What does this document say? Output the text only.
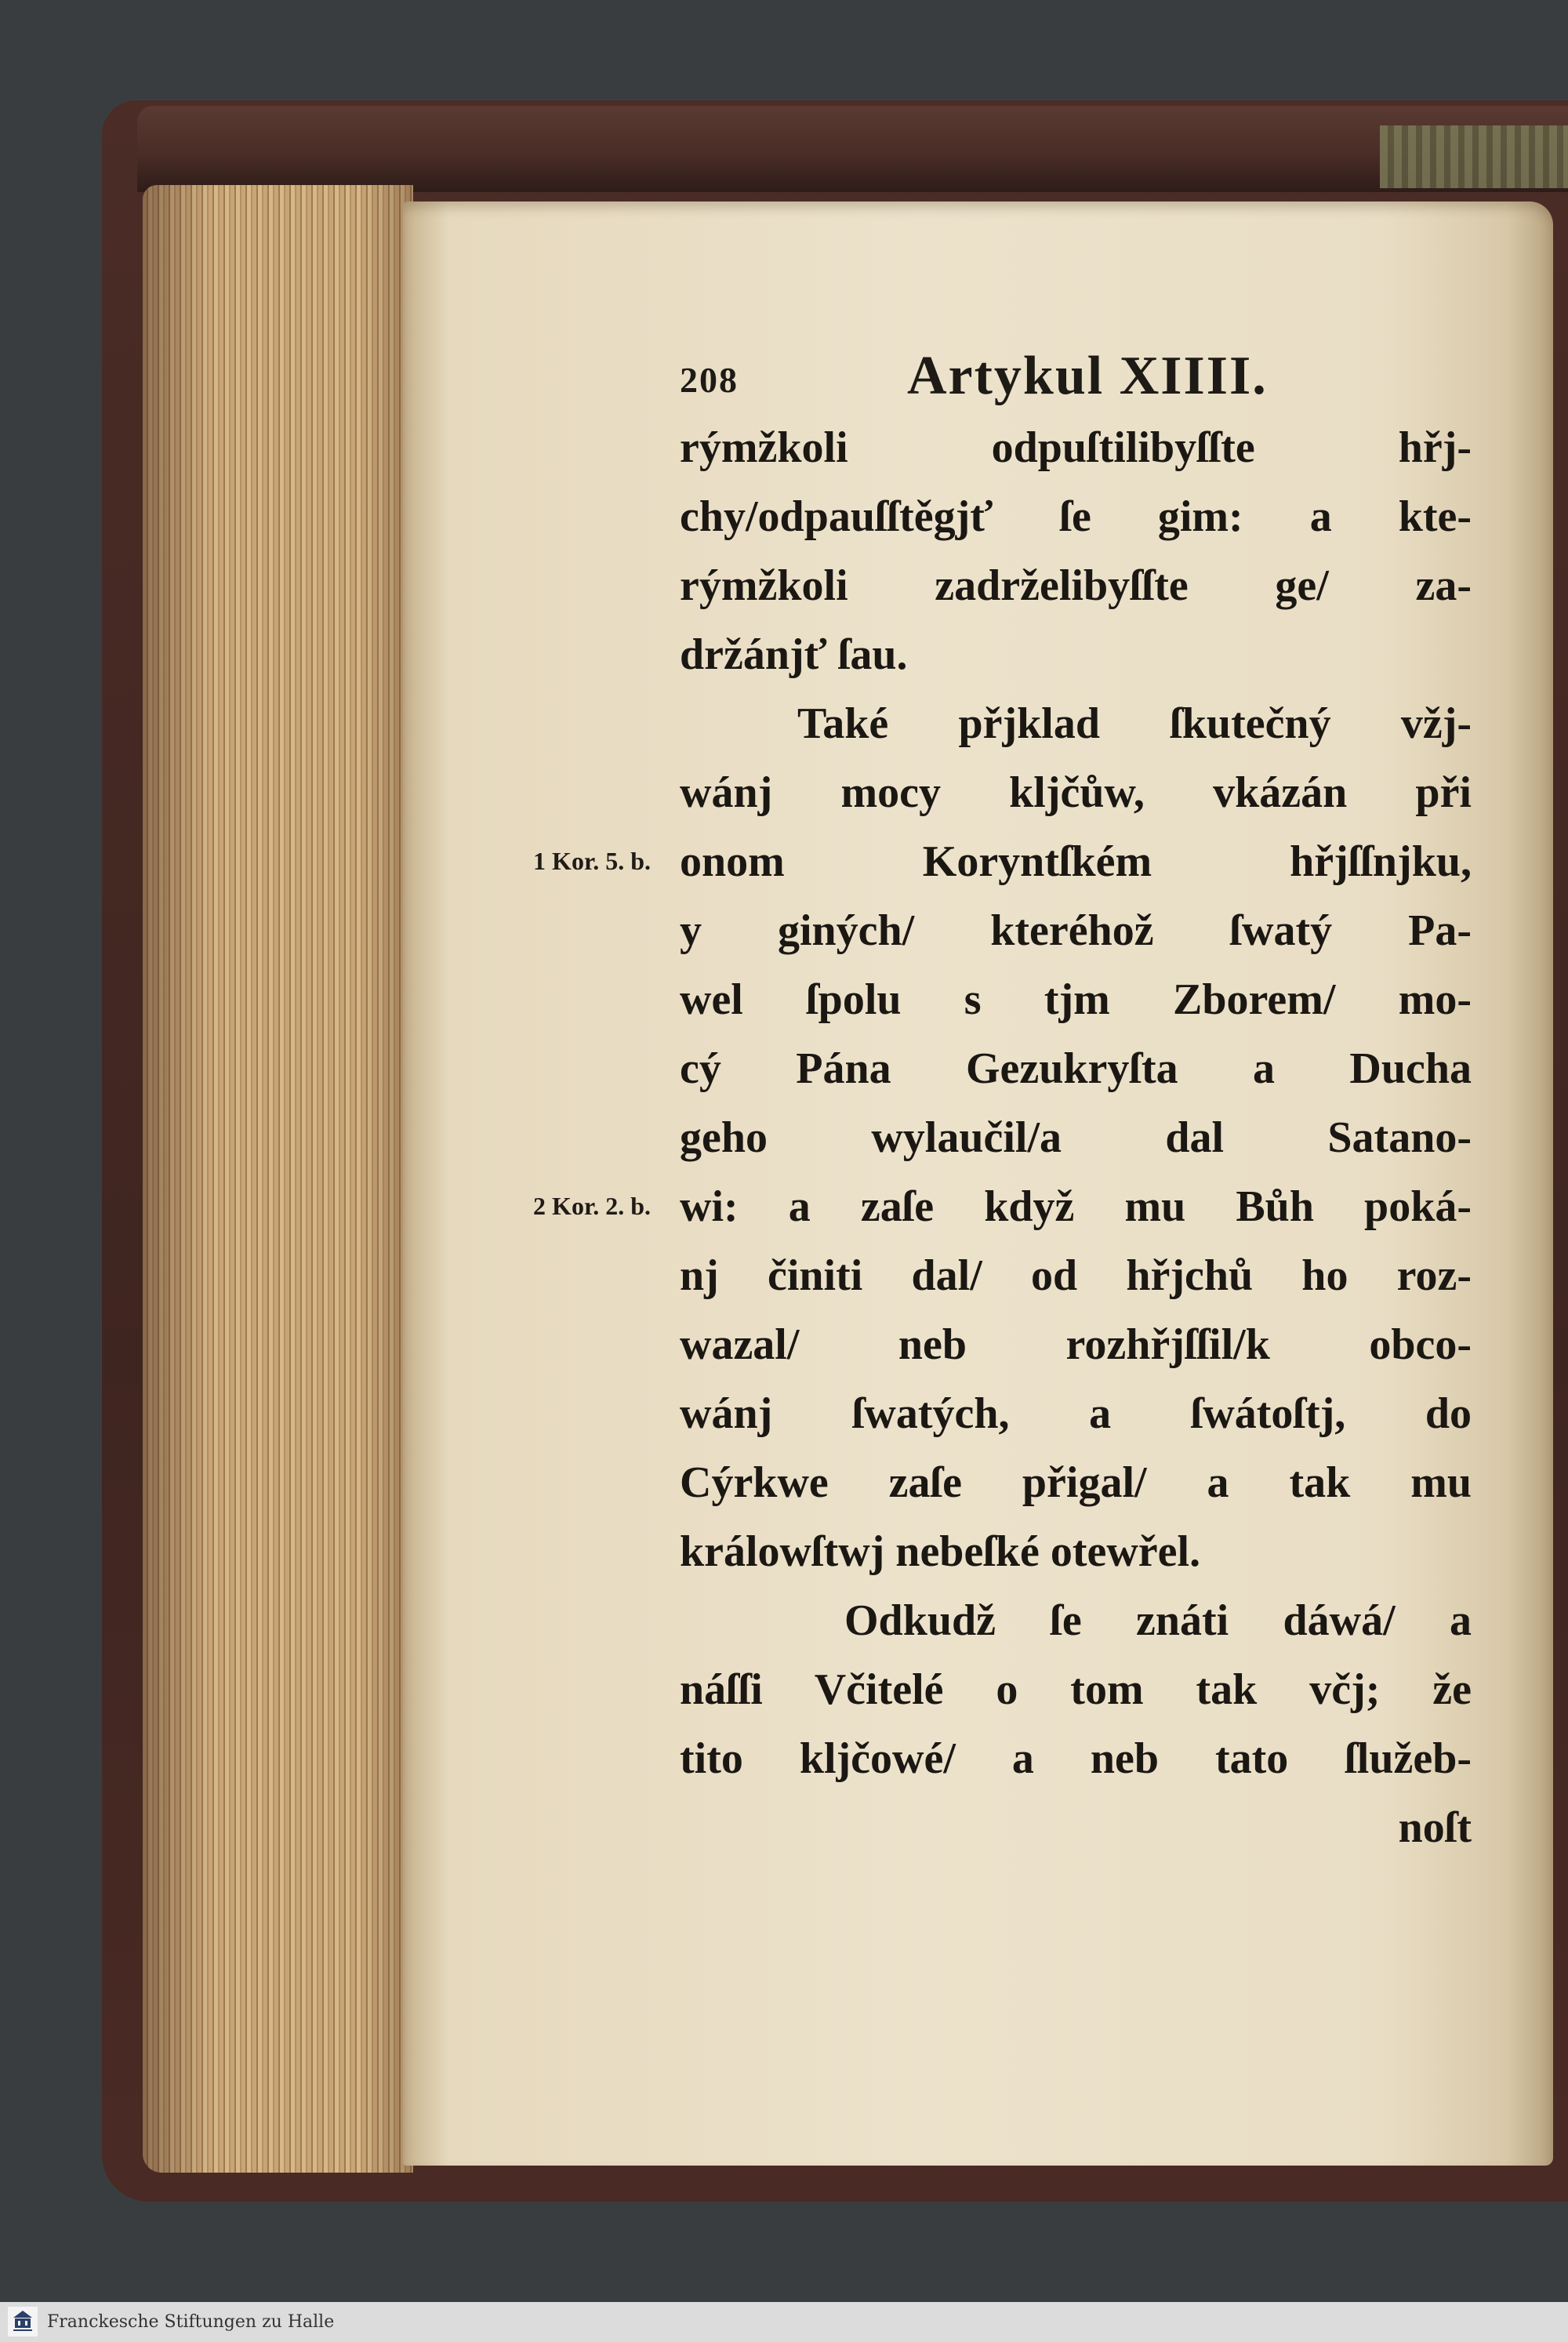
208	Artykul XIIII.
1 Kor. 5. b.
2 Kor. 2. b.
rýmžkoli odpuſtilibyſſte hřj-
chy/odpauſſtěgjť ſe gim: a kte-
rýmžkoli zadrželibyſſte ge/ za-
držánjť ſau.
Také přjklad ſkutečný vžj-
wánj mocy kljčůw, vkázán při
onom Koryntſkém hřjſſnjku,
y giných/ kteréhož ſwatý Pa-
wel ſpolu s tjm Zborem/ mo-
cý Pána Gezukryſta a Ducha
geho wylaučil/a dal Satano-
wi: a zaſe když mu Bůh poká-
nj činiti dal/ od hřjchů ho roz-
wazal/ neb rozhřjſſil/k obco-
wánj ſwatých, a ſwátoſtj, do
Cýrkwe zaſe přigal/ a tak mu
králowſtwj nebeſké otewřel.
Odkudž ſe znáti dáwá/ a
náſſi Včitelé o tom tak včj; že
tito kljčowé/ a neb tato ſlužeb-
noſt
Franckesche Stiftungen zu Halle
